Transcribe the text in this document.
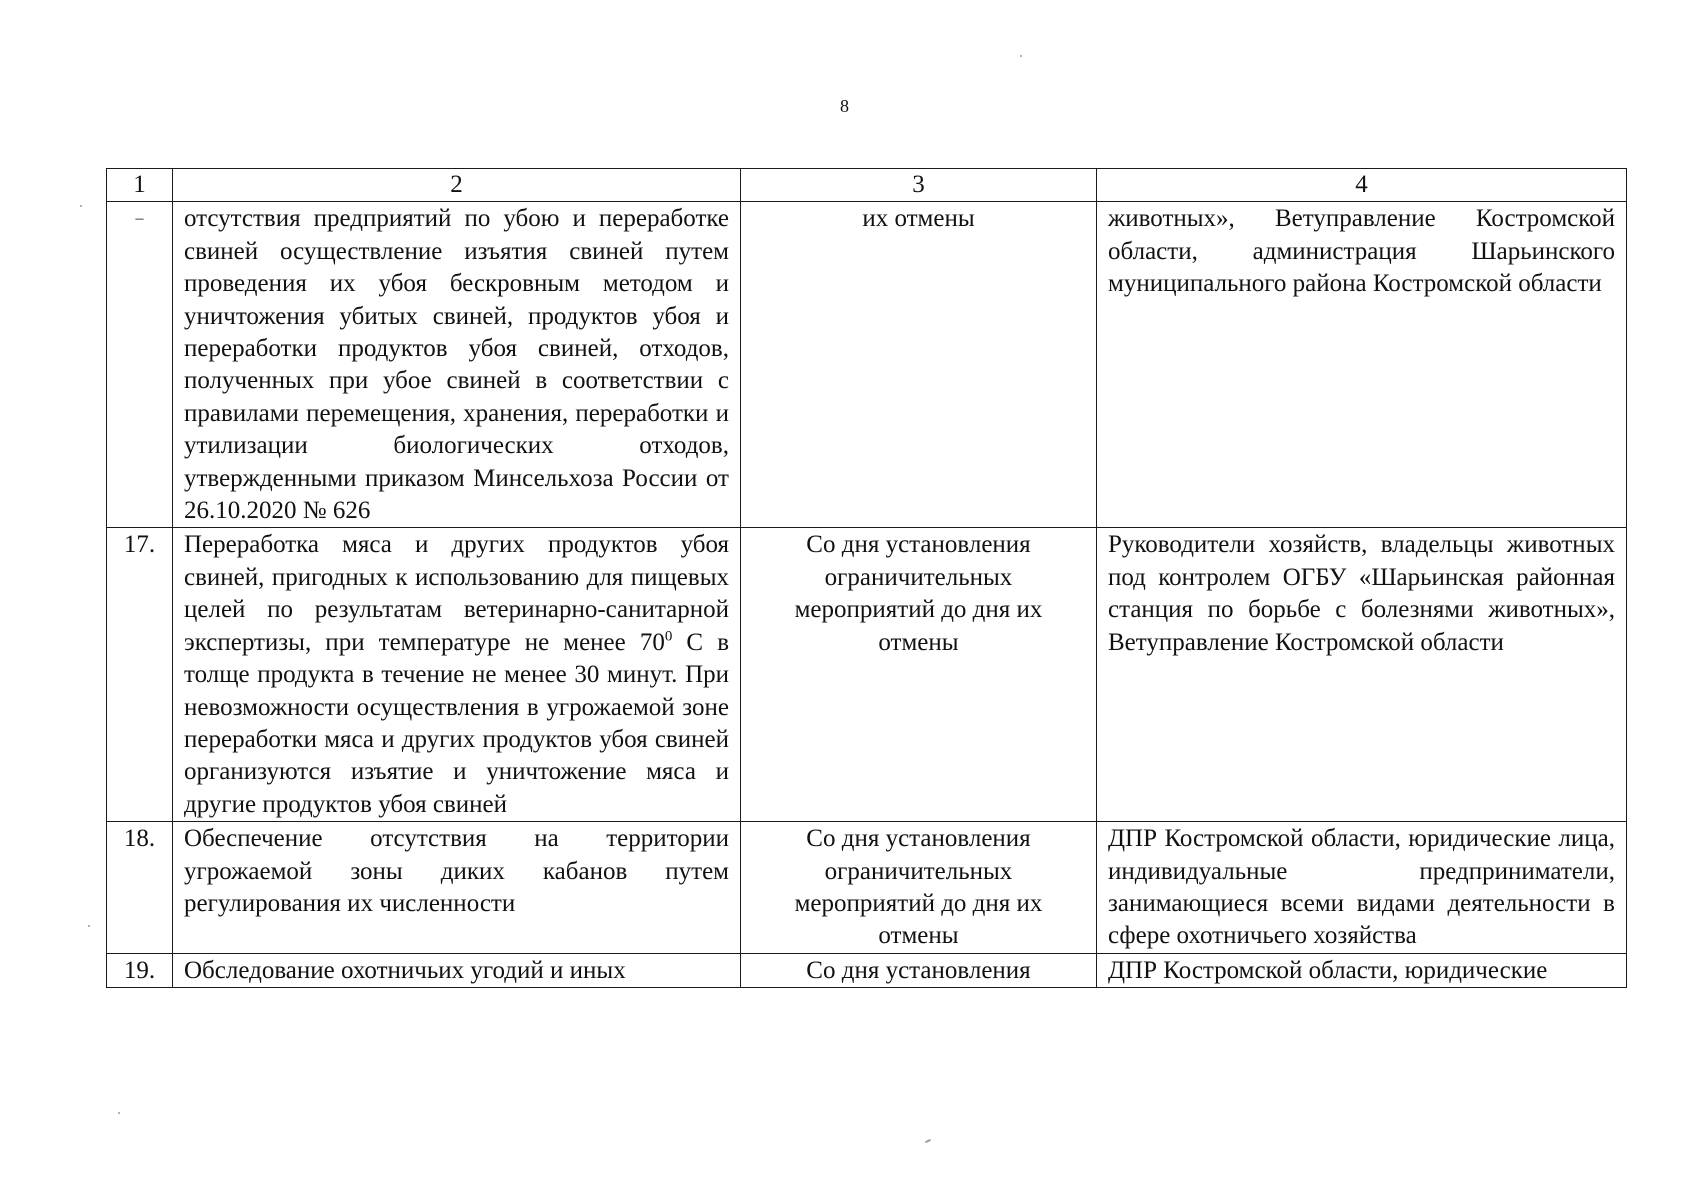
8
1	2	3	4
–	отсутствия предприятий по убою и переработке свиней осуществление изъятия свиней путем проведения их убоя бескровным методом и уничтожения убитых свиней, продуктов убоя и переработки продуктов убоя свиней, отходов, полученных при убое свиней в соответствии с правилами перемещения, хранения, переработки и утилизации биологических отходов, утвержденными приказом Минсельхоза России от 26.10.2020 № 626	их отмены	животных», Ветуправление Костромской области, администрация Шарьинского муниципального района Костромской области
17.	Переработка мяса и других продуктов убоя свиней, пригодных к использованию для пищевых целей по результатам ветеринарно-санитарной экспертизы, при температуре не менее $70^0$ С в толще продукта в течение не менее 30 минут. При невозможности осуществления в угрожаемой зоне переработки мяса и других продуктов убоя свиней организуются изъятие и уничтожение мяса и другие продуктов убоя свиней	Со дня установления ограничительных мероприятий до дня их отмены	Руководители хозяйств, владельцы животных под контролем ОГБУ «Шарьинская районная станция по борьбе с болезнями животных», Ветуправление Костромской области
18.	Обеспечение отсутствия на территории угрожаемой зоны диких кабанов путем регулирования их численности	Со дня установления ограничительных мероприятий до дня их отмены	ДПР Костромской области, юридические лица, индивидуальные предприниматели, занимающиеся всеми видами деятельности в сфере охотничьего хозяйства
19.	Обследование охотничьих угодий и иных	Со дня установления	ДПР Костромской области, юридические
